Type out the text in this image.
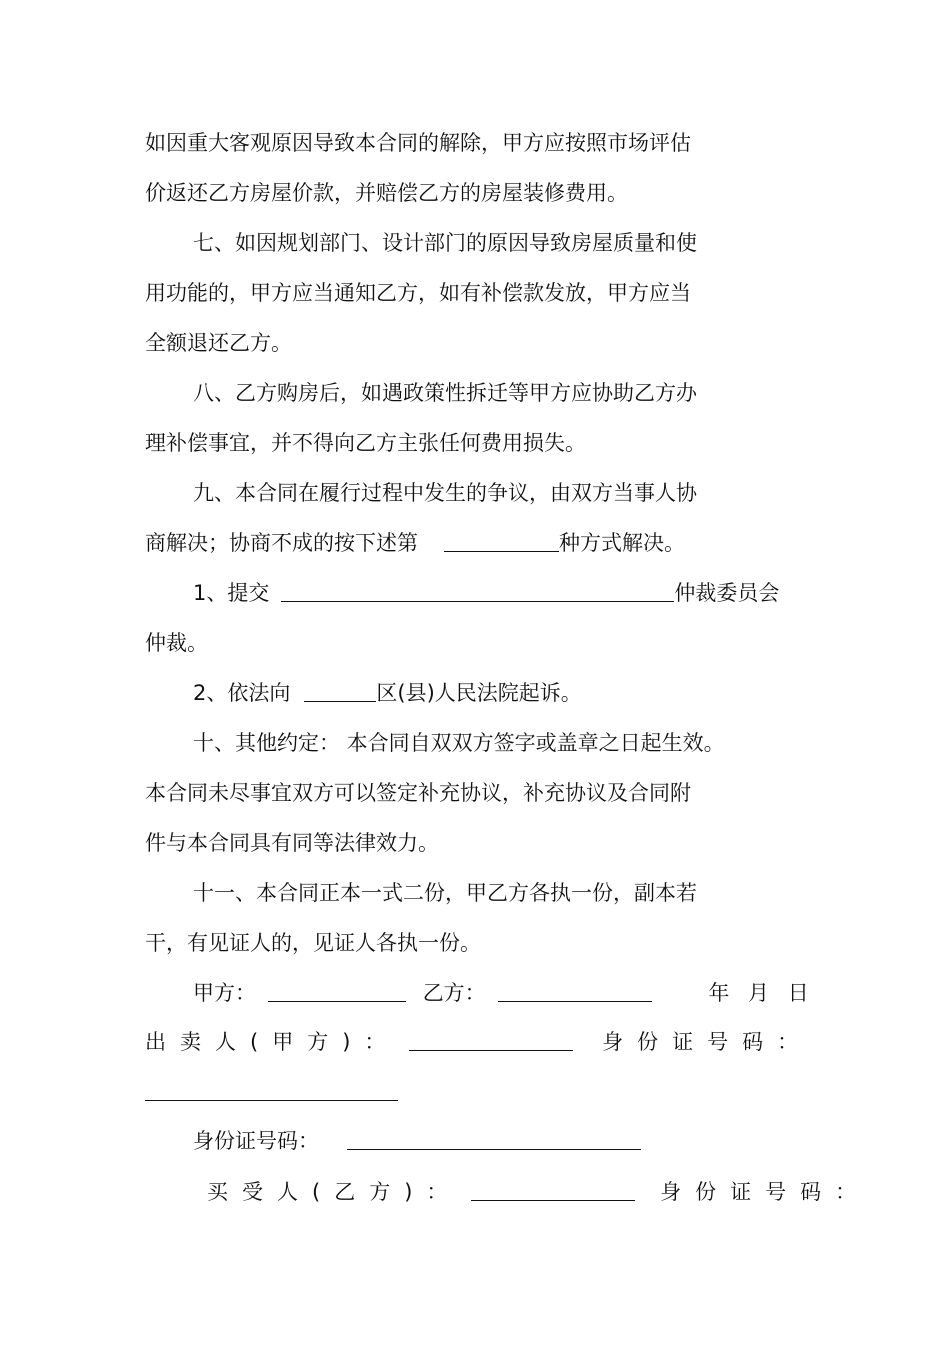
如因重大客观原因导致本合同的解除，甲方应按照市场评估
价返还乙方房屋价款，并赔偿乙方的房屋装修费用。
七、如因规划部门、设计部门的原因导致房屋质量和使
用功能的，甲方应当通知乙方，如有补偿款发放，甲方应当
全额退还乙方。
八、乙方购房后，如遇政策性拆迁等甲方应协助乙方办
理补偿事宜，并不得向乙方主张任何费用损失。
九、本合同在履行过程中发生的争议，由双方当事人协
商解决；协商不成的按下述第	种方式解决。
1、提交	仲裁委员会
仲裁。
2、依法向	区(县)人民法院起诉。
十、其他约定： 本合同自双双方签字或盖章之日起生效。
本合同未尽事宜双方可以签定补充协议，补充协议及合同附
件与本合同具有同等法律效力。
十一、本合同正本一式二份，甲乙方各执一份，副本若
干，有见证人的，见证人各执一份。
甲方：	乙方：	年 月 日
出卖人(甲方)：	身份证号码：
身份证号码：
买受人(乙方)：	身份证号码：
